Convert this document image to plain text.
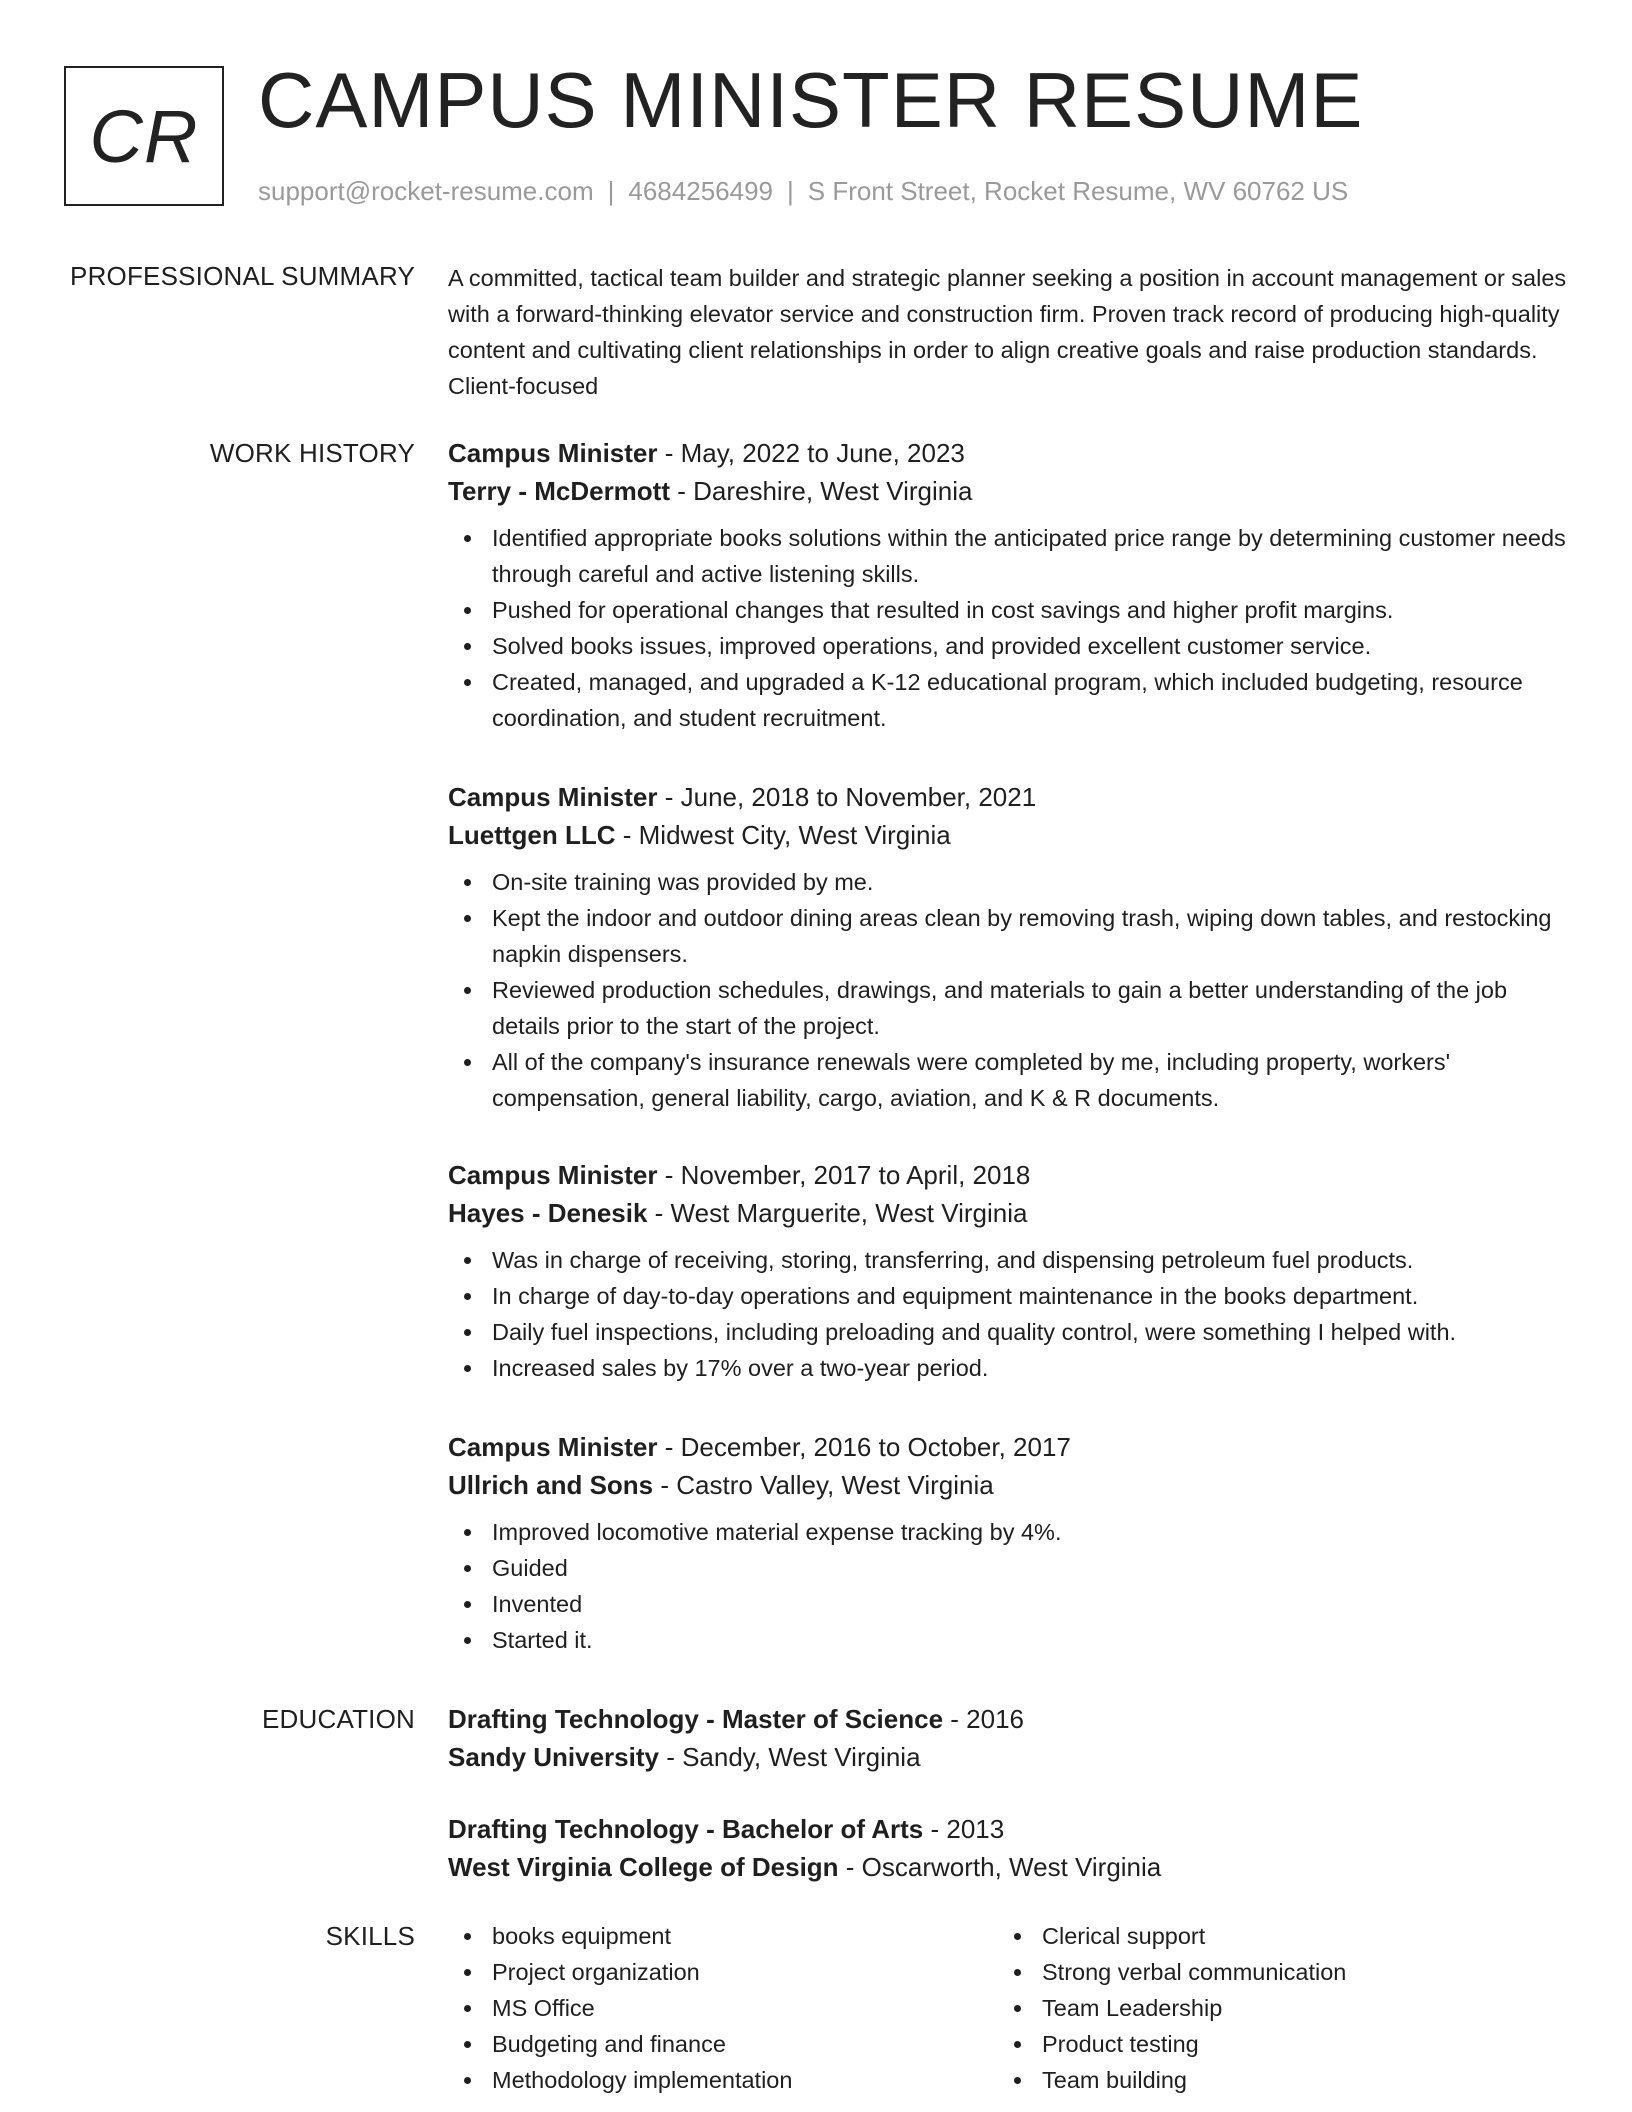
CR CAMPUS MINISTER RESUME
support@rocket-resume.com | 4684256499 | S Front Street, Rocket Resume, WV 60762 US
PROFESSIONAL SUMMARY A committed, tactical team builder and strategic planner seeking a position in account management or sales with a forward-thinking elevator service and construction firm. Proven track record of producing high-quality content and cultivating client relationships in order to align creative goals and raise production standards. Client-focused
WORK HISTORY Campus Minister - May, 2022 to June, 2023
Terry - McDermott - Dareshire, West Virginia
Identified appropriate books solutions within the anticipated price range by determining customer needs through careful and active listening skills.
Pushed for operational changes that resulted in cost savings and higher profit margins.
Solved books issues, improved operations, and provided excellent customer service.
Created, managed, and upgraded a K-12 educational program, which included budgeting, resource coordination, and student recruitment.
Campus Minister - June, 2018 to November, 2021
Luettgen LLC - Midwest City, West Virginia
On-site training was provided by me.
Kept the indoor and outdoor dining areas clean by removing trash, wiping down tables, and restocking napkin dispensers.
Reviewed production schedules, drawings, and materials to gain a better understanding of the job details prior to the start of the project.
All of the company's insurance renewals were completed by me, including property, workers' compensation, general liability, cargo, aviation, and K & R documents.
Campus Minister - November, 2017 to April, 2018
Hayes - Denesik - West Marguerite, West Virginia
Was in charge of receiving, storing, transferring, and dispensing petroleum fuel products.
In charge of day-to-day operations and equipment maintenance in the books department.
Daily fuel inspections, including preloading and quality control, were something I helped with.
Increased sales by 17% over a two-year period.
Campus Minister - December, 2016 to October, 2017
Ullrich and Sons - Castro Valley, West Virginia
Improved locomotive material expense tracking by 4%.
Guided
Invented
Started it.
EDUCATION Drafting Technology - Master of Science - 2016
Sandy University - Sandy, West Virginia
Drafting Technology - Bachelor of Arts - 2013
West Virginia College of Design - Oscarworth, West Virginia
SKILLS	books equipment
Project organization
MS Office
Budgeting and finance
Methodology implementation
Clerical support
Strong verbal communication
Team Leadership
Product testing
Team building
